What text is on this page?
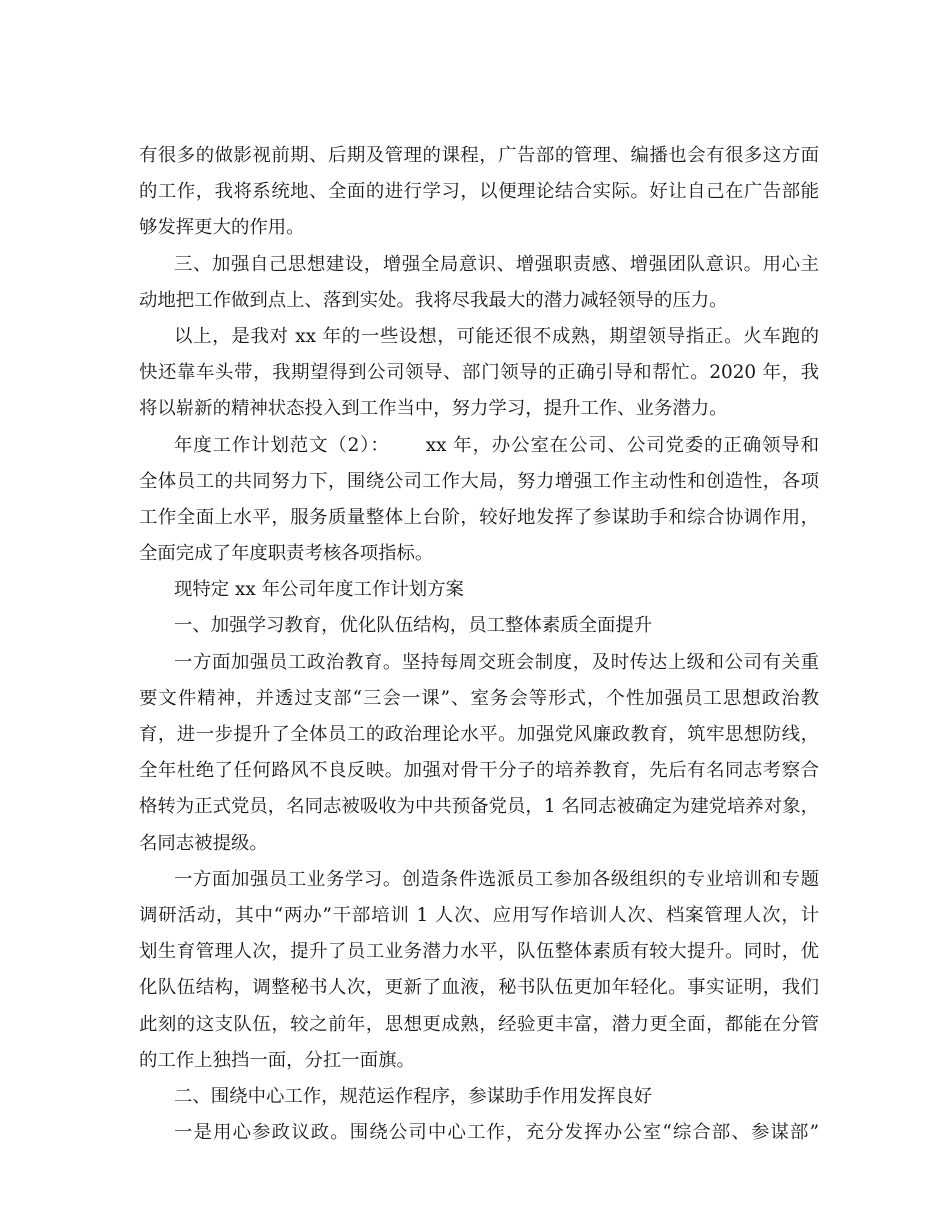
有很多的做影视前期、后期及管理的课程，广告部的管理、编播也会有很多这方面
的工作，我将系统地、全面的进行学习，以便理论结合实际。好让自己在广告部能
够发挥更大的作用。
三、加强自己思想建设，增强全局意识、增强职责感、增强团队意识。用心主
动地把工作做到点上、落到实处。我将尽我最大的潜力减轻领导的压力。
以上，是我对 xx 年的一些设想，可能还很不成熟，期望领导指正。火车跑的
快还靠车头带，我期望得到公司领导、部门领导的正确引导和帮忙。2020 年，我
将以崭新的精神状态投入到工作当中，努力学习，提升工作、业务潜力。
年度工作计划范文（2）：　　 xx 年，办公室在公司、公司党委的正确领导和
全体员工的共同努力下，围绕公司工作大局，努力增强工作主动性和创造性，各项
工作全面上水平，服务质量整体上台阶，较好地发挥了参谋助手和综合协调作用，
全面完成了年度职责考核各项指标。
现特定 xx 年公司年度工作计划方案
一、加强学习教育，优化队伍结构，员工整体素质全面提升
一方面加强员工政治教育。坚持每周交班会制度，及时传达上级和公司有关重
要文件精神，并透过支部“三会一课”、室务会等形式，个性加强员工思想政治教
育，进一步提升了全体员工的政治理论水平。加强党风廉政教育，筑牢思想防线，
全年杜绝了任何路风不良反映。加强对骨干分子的培养教育，先后有名同志考察合
格转为正式党员，名同志被吸收为中共预备党员，1 名同志被确定为建党培养对象，
名同志被提级。
一方面加强员工业务学习。创造条件选派员工参加各级组织的专业培训和专题
调研活动，其中“两办”干部培训 1 人次、应用写作培训人次、档案管理人次，计
划生育管理人次，提升了员工业务潜力水平，队伍整体素质有较大提升。同时，优
化队伍结构，调整秘书人次，更新了血液，秘书队伍更加年轻化。事实证明，我们
此刻的这支队伍，较之前年，思想更成熟，经验更丰富，潜力更全面，都能在分管
的工作上独挡一面，分扛一面旗。
二、围绕中心工作，规范运作程序，参谋助手作用发挥良好
一是用心参政议政。围绕公司中心工作，充分发挥办公室“综合部、参谋部”
